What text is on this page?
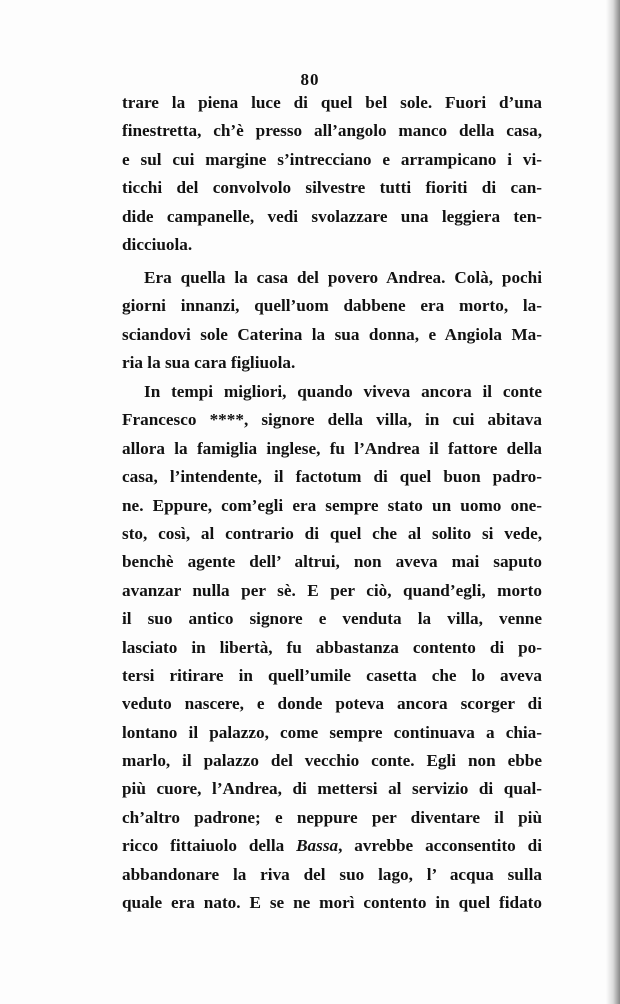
80
trare la piena luce di quel bel sole. Fuori d’una
finestretta, ch’è presso all’angolo manco della casa,
e sul cui margine s’intrecciano e arrampicano i vi-
ticchi del convolvolo silvestre tutti fioriti di can-
dide campanelle, vedi svolazzare una leggiera ten-
dicciuola.
Era quella la casa del povero Andrea. Colà, pochi
giorni innanzi, quell’uom dabbene era morto, la-
sciandovi sole Caterina la sua donna, e Angiola Ma-
ria la sua cara figliuola.
In tempi migliori, quando viveva ancora il conte
Francesco ****, signore della villa, in cui abitava
allora la famiglia inglese, fu l’Andrea il fattore della
casa, l’intendente, il factotum di quel buon padro-
ne. Eppure, com’egli era sempre stato un uomo one-
sto, così, al contrario di quel che al solito si vede,
benchè agente dell’ altrui, non aveva mai saputo
avanzar nulla per sè. E per ciò, quand’egli, morto
il suo antico signore e venduta la villa, venne
lasciato in libertà, fu abbastanza contento di po-
tersi ritirare in quell’umile casetta che lo aveva
veduto nascere, e donde poteva ancora scorger di
lontano il palazzo, come sempre continuava a chia-
marlo, il palazzo del vecchio conte. Egli non ebbe
più cuore, l’Andrea, di mettersi al servizio di qual-
ch’altro padrone; e neppure per diventare il più
ricco fittaiuolo della Bassa, avrebbe acconsentito di
abbandonare la riva del suo lago, l’ acqua sulla
quale era nato. E se ne morì contento in quel fidato
